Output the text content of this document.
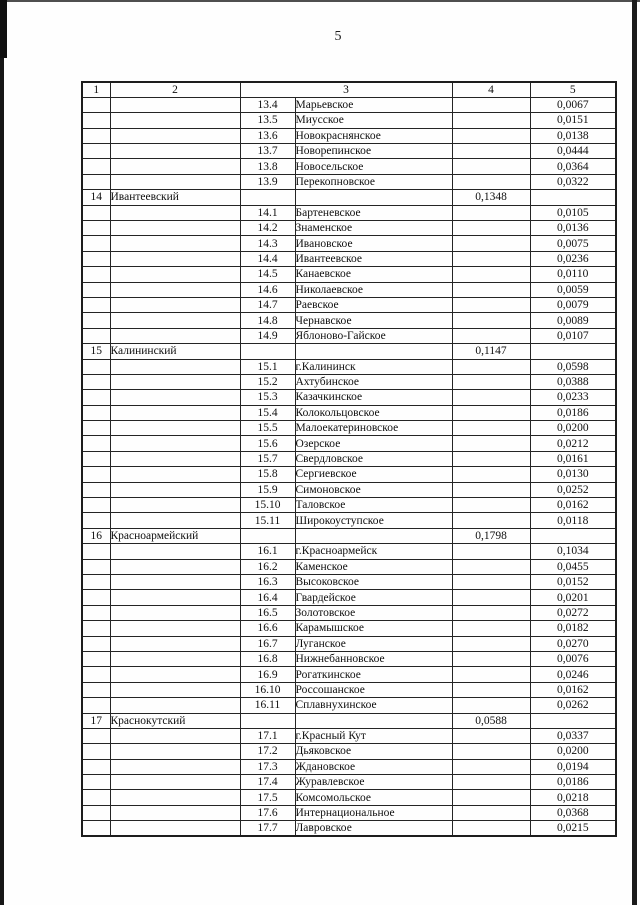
5
1	2	3		4	5
		13.4	Марьевское		0,0067
		13.5	Миусское		0,0151
		13.6	Новокраснянское		0,0138
		13.7	Новорепинское		0,0444
		13.8	Новосельское		0,0364
		13.9	Перекопновское		0,0322
14	Ивантеевский			0,1348	
		14.1	Бартеневское		0,0105
		14.2	Знаменское		0,0136
		14.3	Ивановское		0,0075
		14.4	Ивантеевское		0,0236
		14.5	Канаевское		0,0110
		14.6	Николаевское		0,0059
		14.7	Раевское		0,0079
		14.8	Чернавское		0,0089
		14.9	Яблоново-Гайское		0,0107
15	Калининский			0,1147	
		15.1	г.Калининск		0,0598
		15.2	Ахтубинское		0,0388
		15.3	Казачкинское		0,0233
		15.4	Колокольцовское		0,0186
		15.5	Малоекатериновское		0,0200
		15.6	Озерское		0,0212
		15.7	Свердловское		0,0161
		15.8	Сергиевское		0,0130
		15.9	Симоновское		0,0252
		15.10	Таловское		0,0162
		15.11	Широкоуступское		0,0118
16	Красноармейский			0,1798	
		16.1	г.Красноармейск		0,1034
		16.2	Каменское		0,0455
		16.3	Высоковское		0,0152
		16.4	Гвардейское		0,0201
		16.5	Золотовское		0,0272
		16.6	Карамышское		0,0182
		16.7	Луганское		0,0270
		16.8	Нижнебанновское		0,0076
		16.9	Рогаткинское		0,0246
		16.10	Россошанское		0,0162
		16.11	Сплавнухинское		0,0262
17	Краснокутский			0,0588	
		17.1	г.Красный Кут		0,0337
		17.2	Дьяковское		0,0200
		17.3	Ждановское		0,0194
		17.4	Журавлевское		0,0186
		17.5	Комсомольское		0,0218
		17.6	Интернациональное		0,0368
		17.7	Лавровское		0,0215
